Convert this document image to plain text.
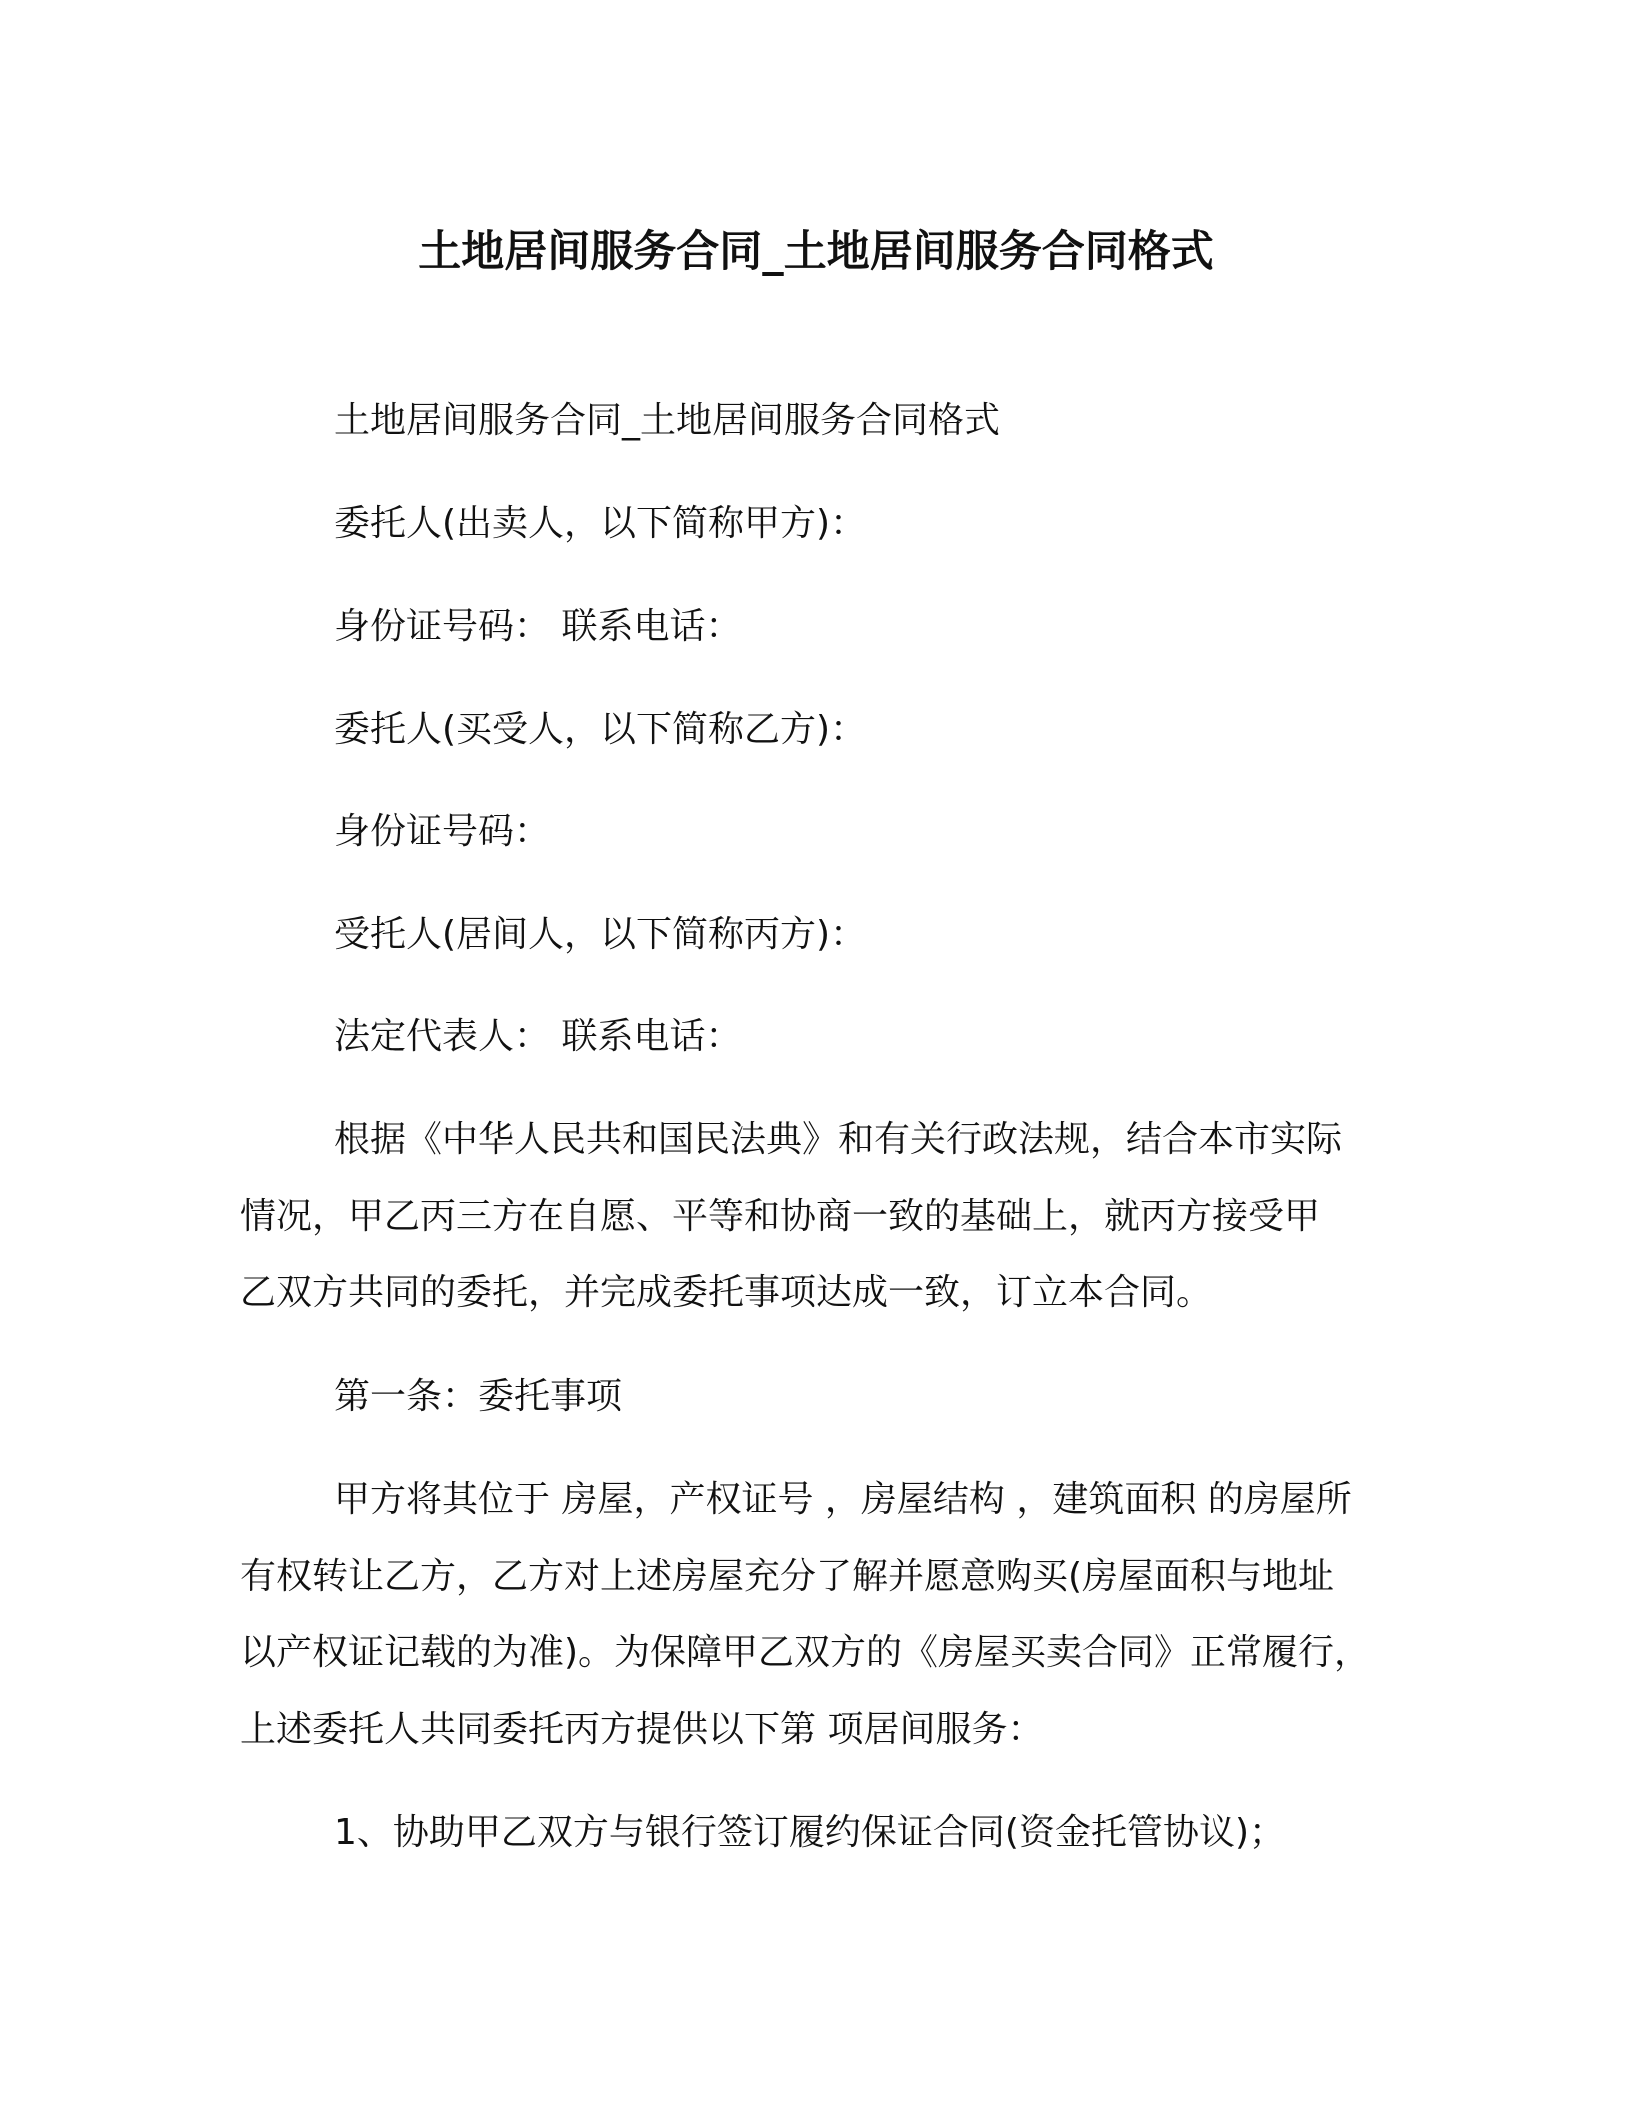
土地居间服务合同_土地居间服务合同格式
土地居间服务合同_土地居间服务合同格式
委托人(出卖人，以下简称甲方)：
身份证号码： 联系电话：
委托人(买受人，以下简称乙方)：
身份证号码：
受托人(居间人，以下简称丙方)：
法定代表人： 联系电话：
根据《中华人民共和国民法典》和有关行政法规，结合本市实际
情况，甲乙丙三方在自愿、平等和协商一致的基础上，就丙方接受甲
乙双方共同的委托，并完成委托事项达成一致，订立本合同。
第一条：委托事项
甲方将其位于 房屋，产权证号 ，房屋结构 ，建筑面积 的房屋所
有权转让乙方，乙方对上述房屋充分了解并愿意购买(房屋面积与地址
以产权证记载的为准)。为保障甲乙双方的《房屋买卖合同》正常履行，
上述委托人共同委托丙方提供以下第 项居间服务：
1、协助甲乙双方与银行签订履约保证合同(资金托管协议)；
